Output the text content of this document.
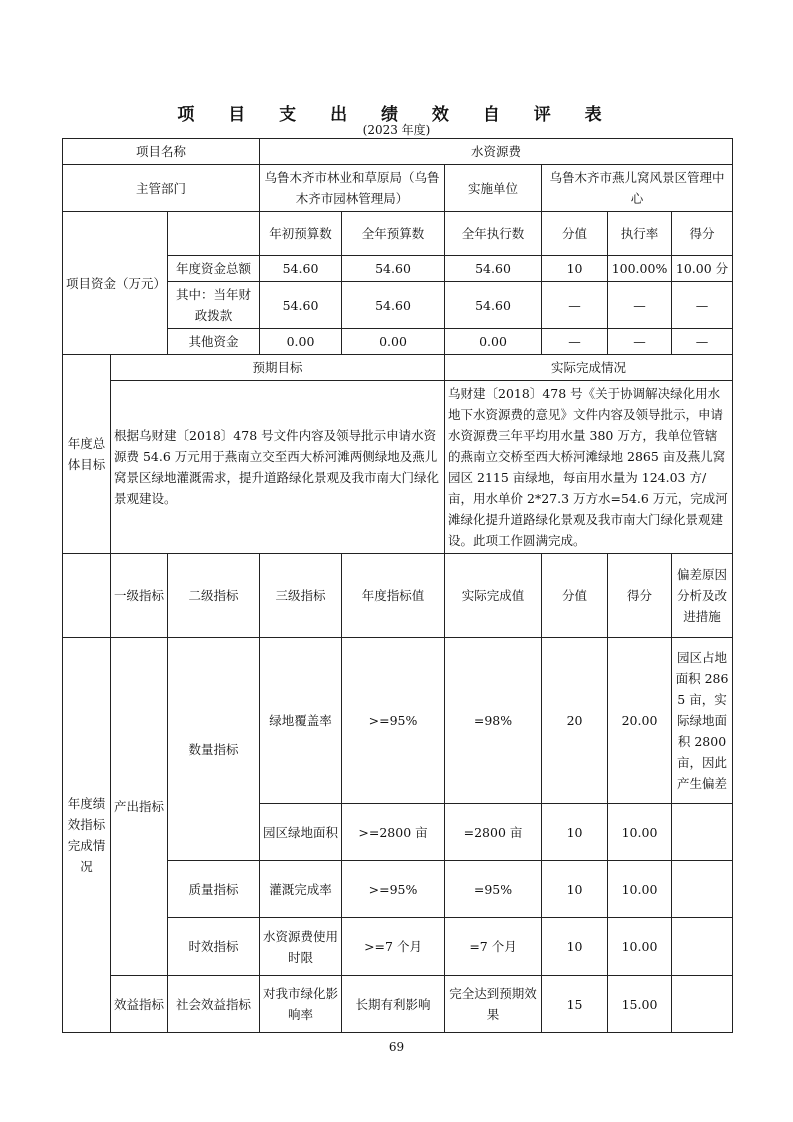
项 目 支 出 绩 效 自 评 表
(2023 年度)
项目名称			水资源费					
主管部门			乌鲁木齐市林业和草原局（乌鲁木齐市园林管理局）		实施单位	乌鲁木齐市燕儿窝风景区管理中心		
项目资金（万元）			年初预算数	全年预算数	全年执行数	分值	执行率	得分
		年度资金总额	54.60	54.60	54.60	10	100.00%	10.00 分
		其中：当年财政拨款	54.60	54.60	54.60	—	—	—
		其他资金	0.00	0.00	0.00	—	—	—
年度总体目标	预期目标				实际完成情况			
	根据乌财建〔2018〕478 号文件内容及领导批示申请水资源费 54.6 万元用于燕南立交至西大桥河滩两侧绿地及燕儿窝景区绿地灌溉需求，提升道路绿化景观及我市南大门绿化景观建设。				乌财建〔2018〕478 号《关于协调解决绿化用水地下水资源费的意见》文件内容及领导批示，申请水资源费三年平均用水量 380 万方，我单位管辖的燕南立交桥至西大桥河滩绿地 2865 亩及燕儿窝园区 2115 亩绿地，每亩用水量为 124.03 方/亩，用水单价 2*27.3 万方水=54.6 万元，完成河滩绿化提升道路绿化景观及我市南大门绿化景观建设。此项工作圆满完成。			
	一级指标	二级指标	三级指标	年度指标值	实际完成值	分值	得分	偏差原因分析及改进措施
年度绩效指标完成情况	产出指标	数量指标	绿地覆盖率	>=95%	=98%	20	20.00	园区占地面积 2865 亩，实际绿地面积 2800 亩，因此产生偏差
			园区绿地面积	>=2800 亩	=2800 亩	10	10.00	
		质量指标	灌溉完成率	>=95%	=95%	10	10.00	
		时效指标	水资源费使用时限	>=7 个月	=7 个月	10	10.00	
	效益指标	社会效益指标	对我市绿化影响率	长期有利影响	完全达到预期效果	15	15.00	
69
